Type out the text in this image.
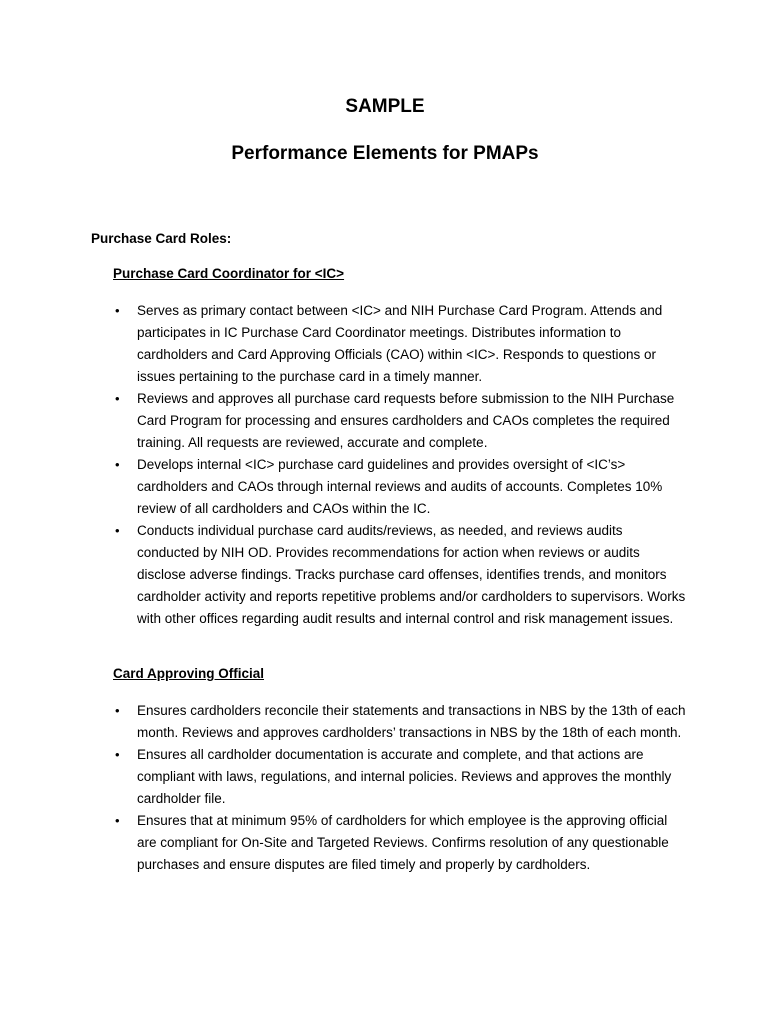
SAMPLE
Performance Elements for PMAPs

Purchase Card Roles:

Purchase Card Coordinator for <IC>

• Serves as primary contact between <IC> and NIH Purchase Card Program. Attends and participates in IC Purchase Card Coordinator meetings. Distributes information to cardholders and Card Approving Officials (CAO) within <IC>. Responds to questions or issues pertaining to the purchase card in a timely manner.
• Reviews and approves all purchase card requests before submission to the NIH Purchase Card Program for processing and ensures cardholders and CAOs completes the required training. All requests are reviewed, accurate and complete.
• Develops internal <IC> purchase card guidelines and provides oversight of <IC’s> cardholders and CAOs through internal reviews and audits of accounts. Completes 10% review of all cardholders and CAOs within the IC.
• Conducts individual purchase card audits/reviews, as needed, and reviews audits conducted by NIH OD. Provides recommendations for action when reviews or audits disclose adverse findings. Tracks purchase card offenses, identifies trends, and monitors cardholder activity and reports repetitive problems and/or cardholders to supervisors. Works with other offices regarding audit results and internal control and risk management issues.

Card Approving Official

• Ensures cardholders reconcile their statements and transactions in NBS by the 13th of each month. Reviews and approves cardholders’ transactions in NBS by the 18th of each month.
• Ensures all cardholder documentation is accurate and complete, and that actions are compliant with laws, regulations, and internal policies. Reviews and approves the monthly cardholder file.
• Ensures that at minimum 95% of cardholders for which employee is the approving official are compliant for On-Site and Targeted Reviews. Confirms resolution of any questionable purchases and ensure disputes are filed timely and properly by cardholders.
